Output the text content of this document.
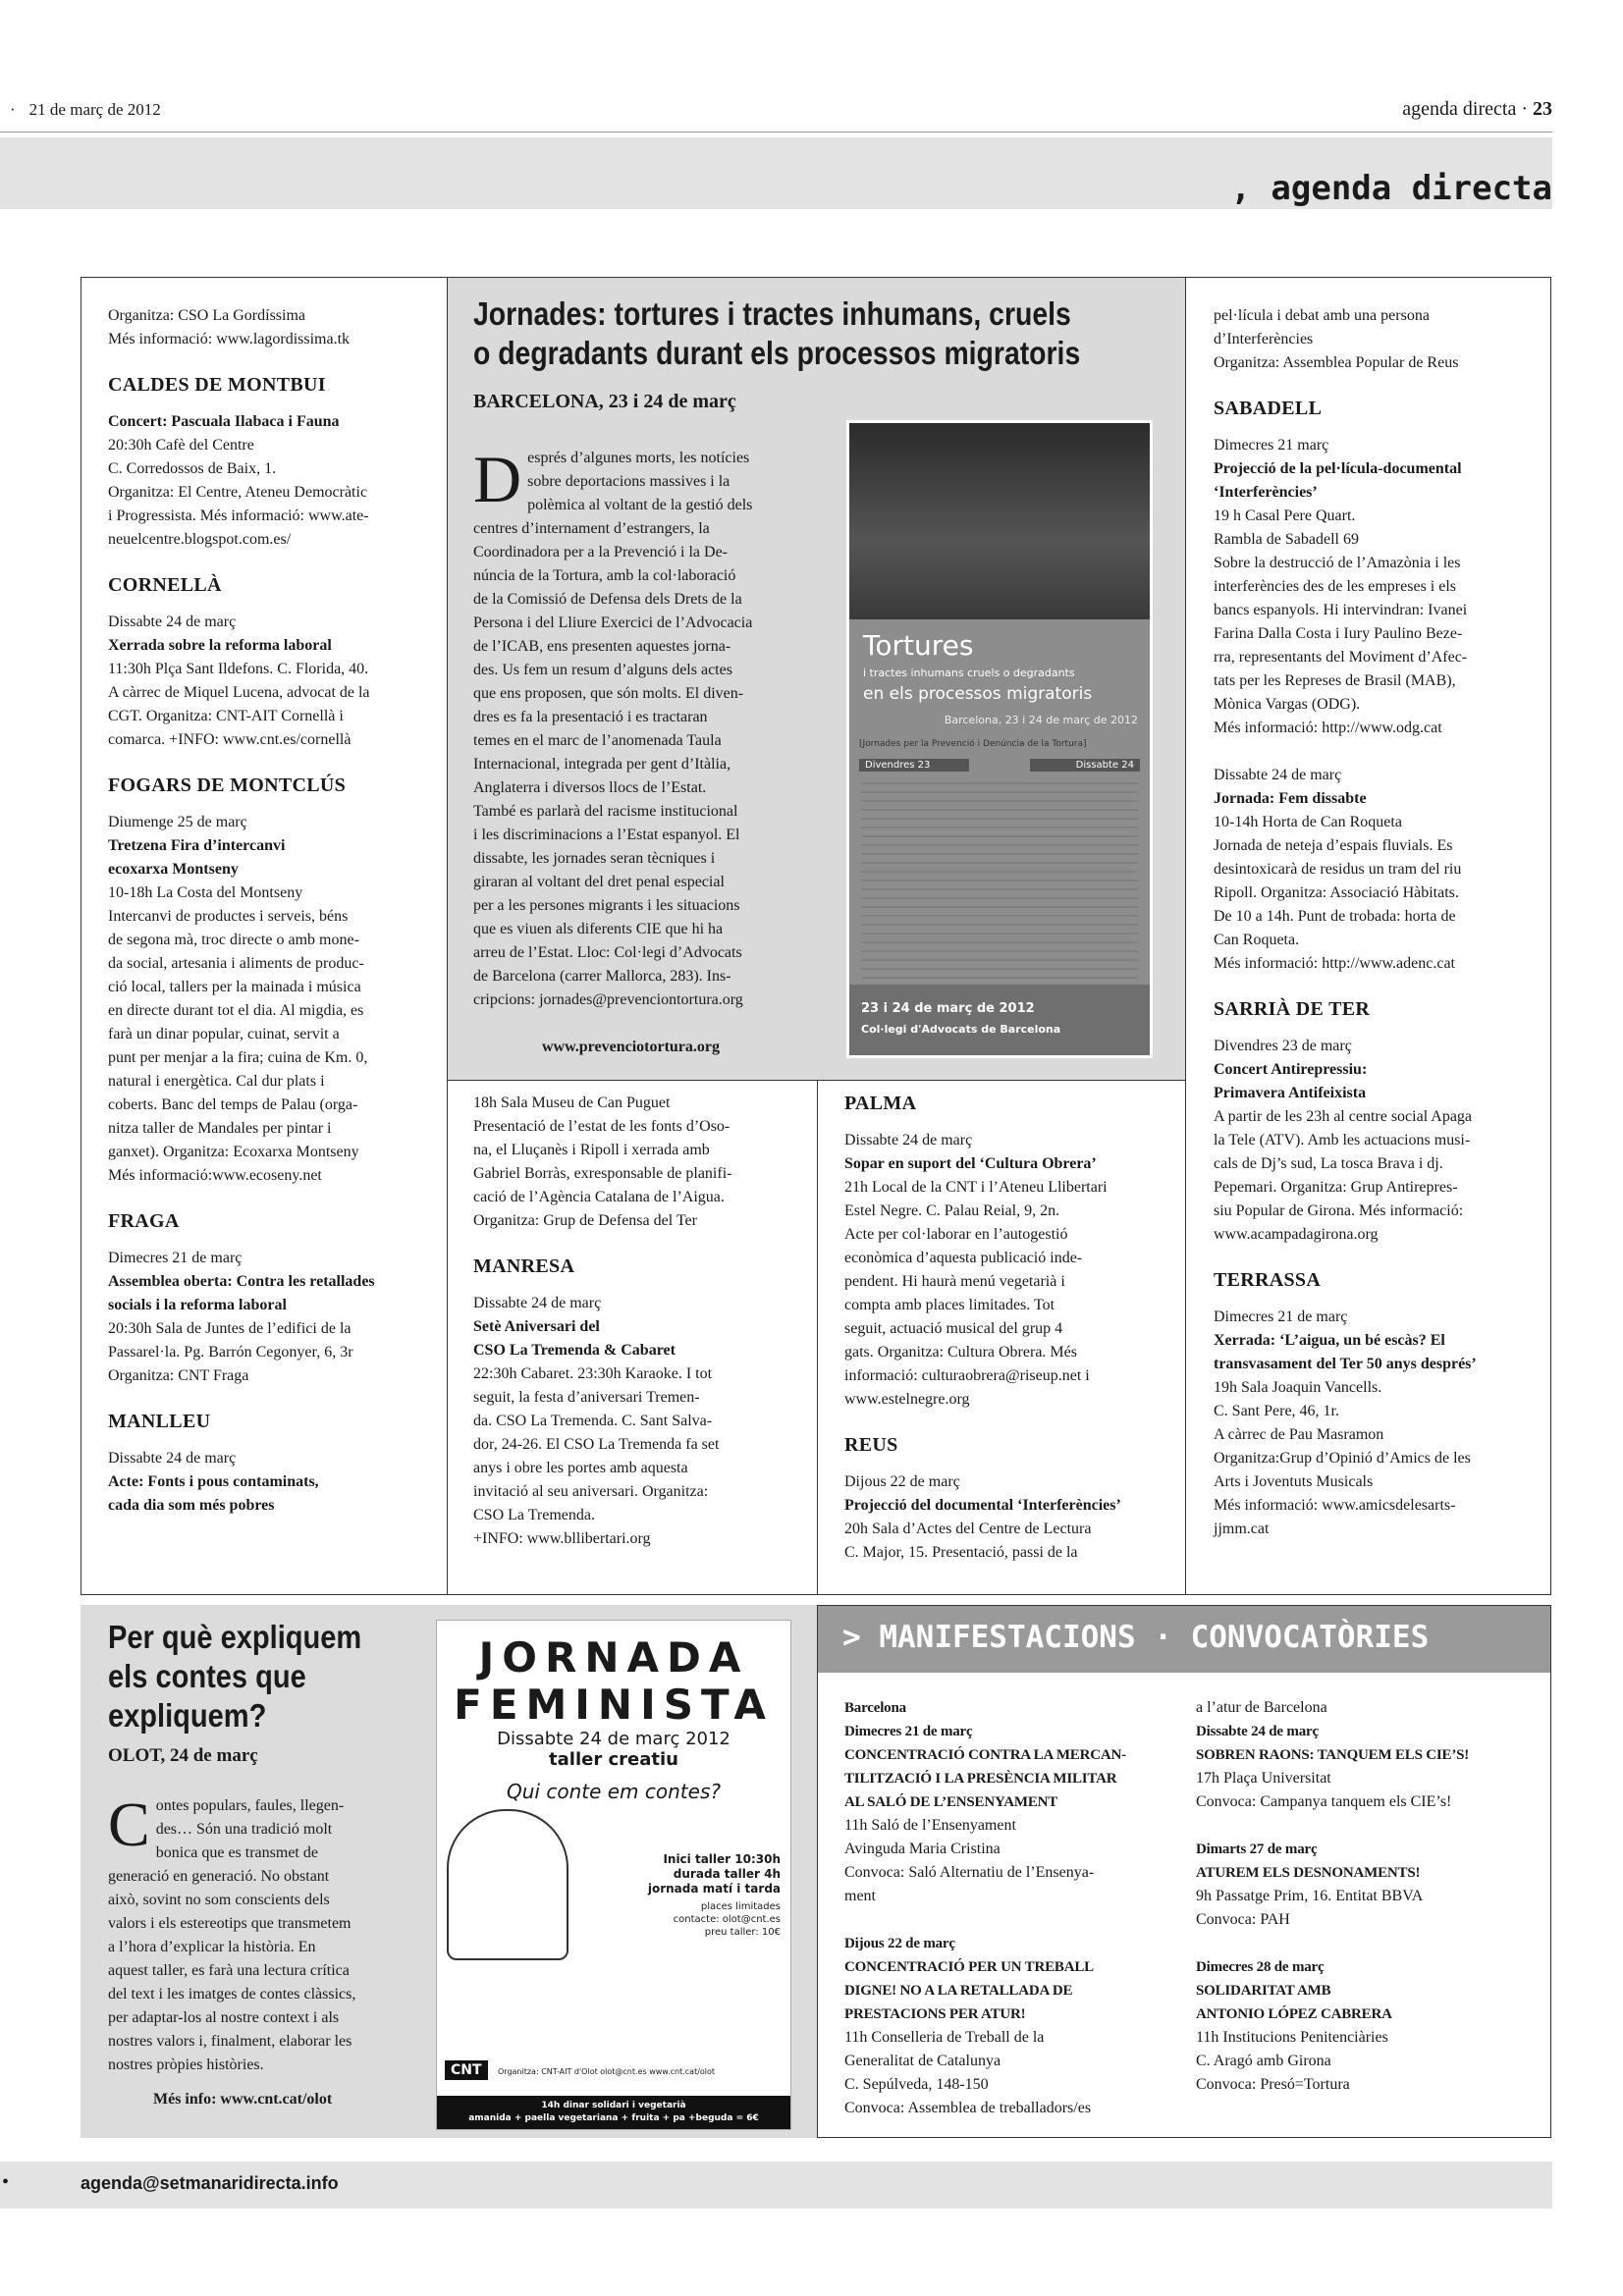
· 21 de març de 2012	agenda directa · 23
, agenda directa
Organitza: CSO La Gordíssima
Més informació: www.lagordissima.tk
CALDES DE MONTBUI
Concert: Pascuala Ilabaca i Fauna
20:30h Cafè del Centre
C. Corredossos de Baix, 1.
Organitza: El Centre, Ateneu Democràtic
i Progressista. Més informació: www.ate-
neuelcentre.blogspot.com.es/
CORNELLÀ
Dissabte 24 de març
Xerrada sobre la reforma laboral
11:30h Plça Sant Ildefons. C. Florida, 40.
A càrrec de Miquel Lucena, advocat de la
CGT. Organitza: CNT-AIT Cornellà i
comarca. +INFO: www.cnt.es/cornellà
FOGARS DE MONTCLÚS
Diumenge 25 de març
Tretzena Fira d’intercanvi
ecoxarxa Montseny
10-18h La Costa del Montseny
Intercanvi de productes i serveis, béns
de segona mà, troc directe o amb mone-
da social, artesania i aliments de produc-
ció local, tallers per la mainada i música
en directe durant tot el dia. Al migdia, es
farà un dinar popular, cuinat, servit a
punt per menjar a la fira; cuina de Km. 0,
natural i energètica. Cal dur plats i
coberts. Banc del temps de Palau (orga-
nitza taller de Mandales per pintar i
ganxet). Organitza: Ecoxarxa Montseny
Més informació:www.ecoseny.net
FRAGA
Dimecres 21 de març
Assemblea oberta: Contra les retallades
socials i la reforma laboral
20:30h Sala de Juntes de l’edifici de la
Passarel·la. Pg. Barrón Cegonyer, 6, 3r
Organitza: CNT Fraga
MANLLEU
Dissabte 24 de març
Acte: Fonts i pous contaminats,
cada dia som més pobres
Jornades: tortures i tractes inhumans, cruels
o degradants durant els processos migratoris
BARCELONA, 23 i 24 de març
Després d’algunes morts, les notícies
sobre deportacions massives i la
polèmica al voltant de la gestió dels
centres d’internament d’estrangers, la
Coordinadora per a la Prevenció i la De-
núncia de la Tortura, amb la col·laboració
de la Comissió de Defensa dels Drets de la
Persona i del Lliure Exercici de l’Advocacia
de l’ICAB, ens presenten aquestes jorna-
des. Us fem un resum d’alguns dels actes
que ens proposen, que són molts. El diven-
dres es fa la presentació i es tractaran
temes en el marc de l’anomenada Taula
Internacional, integrada per gent d’Itàlia,
Anglaterra i diversos llocs de l’Estat.
També es parlarà del racisme institucional
i les discriminacions a l’Estat espanyol. El
dissabte, les jornades seran tècniques i
giraran al voltant del dret penal especial
per a les persones migrants i les situacions
que es viuen als diferents CIE que hi ha
arreu de l’Estat. Lloc: Col·legi d’Advocats
de Barcelona (carrer Mallorca, 283). Ins-
cripcions: jornades@prevenciontortura.org
www.prevenciotortura.org
Tortures
i tractes inhumans cruels o degradants
en els processos migratoris
Barcelona, 23 i 24 de març de 2012
[Jornades per la Prevenció i Denúncia de la Tortura]
Divendres 23	Dissabte 24
23 i 24 de març de 2012
Col·legi d'Advocats de Barcelona
18h Sala Museu de Can Puguet
Presentació de l’estat de les fonts d’Oso-
na, el Lluçanès i Ripoll i xerrada amb
Gabriel Borràs, exresponsable de planifi-
cació de l’Agència Catalana de l’Aigua.
Organitza: Grup de Defensa del Ter
MANRESA
Dissabte 24 de març
Setè Aniversari del
CSO La Tremenda & Cabaret
22:30h Cabaret. 23:30h Karaoke. I tot
seguit, la festa d’aniversari Tremen-
da. CSO La Tremenda. C. Sant Salva-
dor, 24-26. El CSO La Tremenda fa set
anys i obre les portes amb aquesta
invitació al seu aniversari. Organitza:
CSO La Tremenda.
+INFO: www.bllibertari.org
PALMA
Dissabte 24 de març
Sopar en suport del ‘Cultura Obrera’
21h Local de la CNT i l’Ateneu Llibertari
Estel Negre. C. Palau Reial, 9, 2n.
Acte per col·laborar en l’autogestió
econòmica d’aquesta publicació inde-
pendent. Hi haurà menú vegetarià i
compta amb places limitades. Tot
seguit, actuació musical del grup 4
gats. Organitza: Cultura Obrera. Més
informació: culturaobrera@riseup.net i
www.estelnegre.org
REUS
Dijous 22 de març
Projecció del documental ‘Interferències’
20h Sala d’Actes del Centre de Lectura
C. Major, 15. Presentació, passi de la
pel·lícula i debat amb una persona
d’Interferències
Organitza: Assemblea Popular de Reus
SABADELL
Dimecres 21 març
Projecció de la pel·lícula-documental
‘Interferències’
19 h Casal Pere Quart.
Rambla de Sabadell 69
Sobre la destrucció de l’Amazònia i les
interferències des de les empreses i els
bancs espanyols. Hi intervindran: Ivanei
Farina Dalla Costa i Iury Paulino Beze-
rra, representants del Moviment d’Afec-
tats per les Represes de Brasil (MAB),
Mònica Vargas (ODG).
Més informació: http://www.odg.cat
Dissabte 24 de març
Jornada: Fem dissabte
10-14h Horta de Can Roqueta
Jornada de neteja d’espais fluvials. Es
desintoxicarà de residus un tram del riu
Ripoll. Organitza: Associació Hàbitats.
De 10 a 14h. Punt de trobada: horta de
Can Roqueta.
Més informació: http://www.adenc.cat
SARRIÀ DE TER
Divendres 23 de març
Concert Antirepressiu:
Primavera Antifeixista
A partir de les 23h al centre social Apaga
la Tele (ATV). Amb les actuacions musi-
cals de Dj’s sud, La tosca Brava i dj.
Pepemari. Organitza: Grup Antirepres-
siu Popular de Girona. Més informació:
www.acampadagirona.org
TERRASSA
Dimecres 21 de març
Xerrada: ‘L’aigua, un bé escàs? El
transvasament del Ter 50 anys després’
19h Sala Joaquin Vancells.
C. Sant Pere, 46, 1r.
A càrrec de Pau Masramon
Organitza:Grup d’Opinió d’Amics de les
Arts i Joventuts Musicals
Més informació: www.amicsdelesarts-
jjmm.cat
Per què expliquem
els contes que
expliquem?
OLOT, 24 de març
Contes populars, faules, llegen-
des… Són una tradició molt
bonica que es transmet de
generació en generació. No obstant
això, sovint no som conscients dels
valors i els estereotips que transmetem
a l’hora d’explicar la història. En
aquest taller, es farà una lectura crítica
del text i les imatges de contes clàssics,
per adaptar-los al nostre context i als
nostres valors i, finalment, elaborar les
nostres pròpies històries.
Més info: www.cnt.cat/olot
JORNADA
FEMINISTA
Dissabte 24 de març 2012
taller creatiu
Qui conte em contes?
Inici taller 10:30h
durada taller 4h
jornada matí i tarda
places limitades
contacte: olot@cnt.es
preu taller: 10€
CNT	Organitza: CNT-AIT d'Olot olot@cnt.es www.cnt.cat/olot
14h dinar solidari i vegetarià
amanida + paella vegetariana + fruita + pa +beguda = 6€
> MANIFESTACIONS · CONVOCATÒRIES
Barcelona
Dimecres 21 de març
CONCENTRACIÓ CONTRA LA MERCAN-
TILITZACIÓ I LA PRESÈNCIA MILITAR
AL SALÓ DE L’ENSENYAMENT
11h Saló de l’Ensenyament
Avinguda Maria Cristina
Convoca: Saló Alternatiu de l’Ensenya-
ment
Dijous 22 de març
CONCENTRACIÓ PER UN TREBALL
DIGNE! NO A LA RETALLADA DE
PRESTACIONS PER ATUR!
11h Conselleria de Treball de la
Generalitat de Catalunya
C. Sepúlveda, 148-150
Convoca: Assemblea de treballadors/es
a l’atur de Barcelona
Dissabte 24 de març
SOBREN RAONS: TANQUEM ELS CIE’S!
17h Plaça Universitat
Convoca: Campanya tanquem els CIE’s!
Dimarts 27 de març
ATUREM ELS DESNONAMENTS!
9h Passatge Prim, 16. Entitat BBVA
Convoca: PAH
Dimecres 28 de març
SOLIDARITAT AMB
ANTONIO LÓPEZ CABRERA
11h Institucions Penitenciàries
C. Aragó amb Girona
Convoca: Presó=Tortura
•	agenda@setmanaridirecta.info
